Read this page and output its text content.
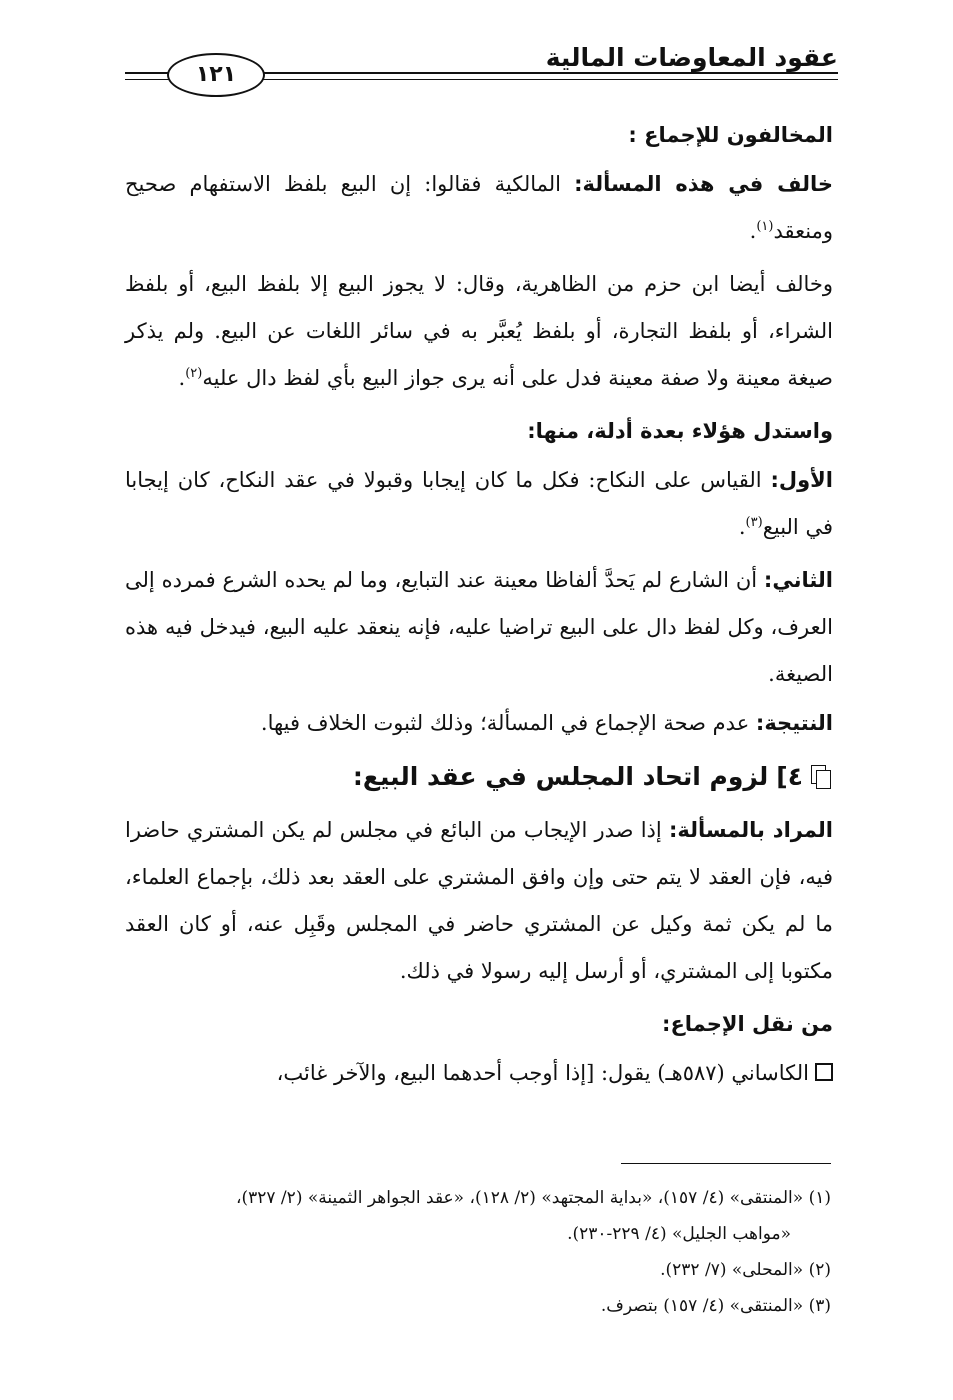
عقود المعاوضات المالية
١٢١

المخالفون للإجماع :

خالف في هذه المسألة: المالكية فقالوا: إن البيع بلفظ الاستفهام صحيح ومنعقد$^{(١)}$.

وخالف أيضا ابن حزم من الظاهرية، وقال: لا يجوز البيع إلا بلفظ البيع، أو بلفظ الشراء، أو بلفظ التجارة، أو بلفظ يُعبَّر به في سائر اللغات عن البيع. ولم يذكر صيغة معينة ولا صفة معينة فدل على أنه يرى جواز البيع بأي لفظ دال عليه$^{(٢)}$.

واستدل هؤلاء بعدة أدلة، منها:

الأول: القياس على النكاح: فكل ما كان إيجابا وقبولا في عقد النكاح، كان إيجابا في البيع$^{(٣)}$.

الثاني: أن الشارع لم يَحدَّ ألفاظا معينة عند التبايع، وما لم يحده الشرع فمرده إلى العرف، وكل لفظ دال على البيع تراضيا عليه، فإنه ينعقد عليه البيع، فيدخل فيه هذه الصيغة.

النتيجة: عدم صحة الإجماع في المسألة؛ وذلك لثبوت الخلاف فيها.

٤]
لزوم اتحاد المجلس في عقد البيع:

المراد بالمسألة: إذا صدر الإيجاب من البائع في مجلس لم يكن المشتري حاضرا فيه، فإن العقد لا يتم حتى وإن وافق المشتري على العقد بعد ذلك، بإجماع العلماء، ما لم يكن ثمة وكيل عن المشتري حاضر في المجلس وقَبِل عنه، أو كان العقد مكتوبا إلى المشتري، أو أرسل إليه رسولا في ذلك.

من نقل الإجماع:

الكاساني (٥٨٧هـ) يقول: [إذا أوجب أحدهما البيع، والآخر غائب،

(١) «المنتقى» (٤/ ١٥٧)، «بداية المجتهد» (٢/ ١٢٨)، «عقد الجواهر الثمينة» (٢/ ٣٢٧)،

«مواهب الجليل» (٤/ ٢٢٩-٢٣٠).

(٢) «المحلى» (٧/ ٢٣٢).

(٣) «المنتقى» (٤/ ١٥٧) بتصرف.
